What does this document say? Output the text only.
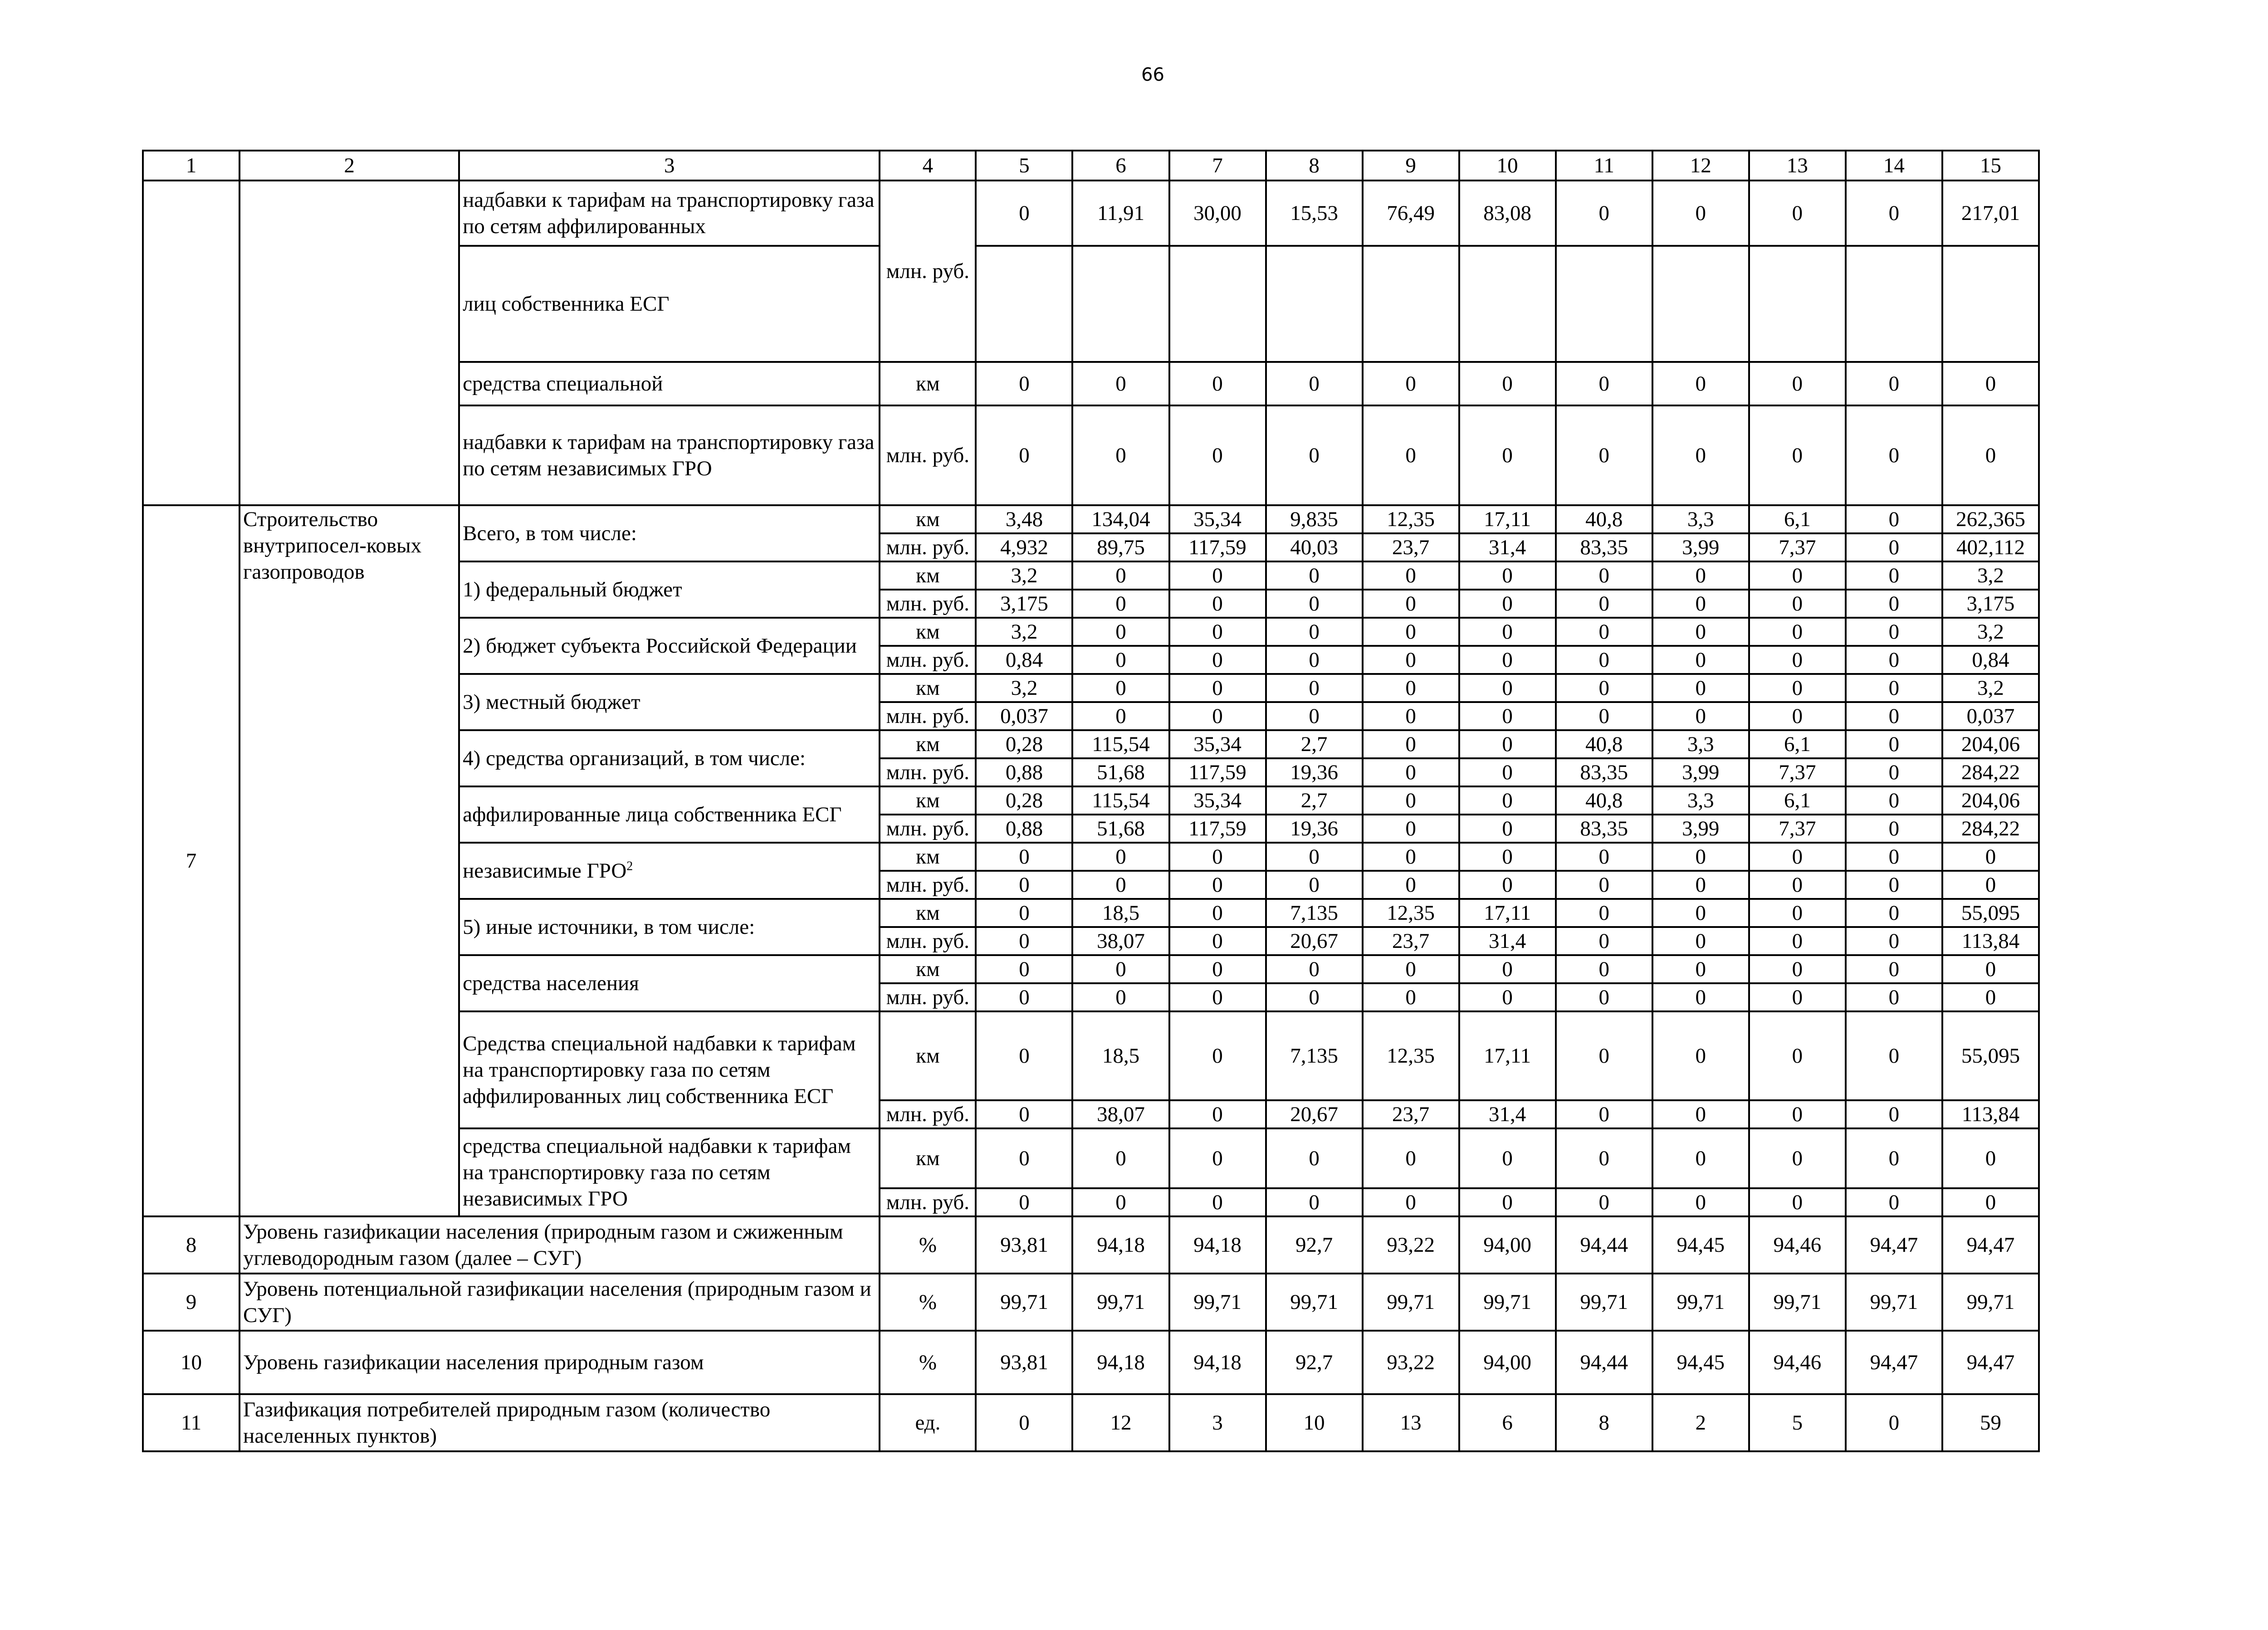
66
1	2	3	4	5	6	7	8	9	10	11	12	13	14	15
		надбавки к тарифам на транспортировку газа по сетям аффилированных	млн. руб.	0	11,91	30,00	15,53	76,49	83,08	0	0	0	0	217,01
		лиц собственника ЕСГ												
		средства специальной	км	0	0	0	0	0	0	0	0	0	0	0
		надбавки к тарифам на транспортировку газа по сетям независимых ГРО	млн. руб.	0	0	0	0	0	0	0	0	0	0	0
7	Строительство внутрипосел-ковых газопроводов	Всего, в том числе:	км	3,48	134,04	35,34	9,835	12,35	17,11	40,8	3,3	6,1	0	262,365
			млн. руб.	4,932	89,75	117,59	40,03	23,7	31,4	83,35	3,99	7,37	0	402,112
		1) федеральный бюджет	км	3,2	0	0	0	0	0	0	0	0	0	3,2
			млн. руб.	3,175	0	0	0	0	0	0	0	0	0	3,175
		2) бюджет субъекта Российской Федерации	км	3,2	0	0	0	0	0	0	0	0	0	3,2
			млн. руб.	0,84	0	0	0	0	0	0	0	0	0	0,84
		3) местный бюджет	км	3,2	0	0	0	0	0	0	0	0	0	3,2
			млн. руб.	0,037	0	0	0	0	0	0	0	0	0	0,037
		4) средства организаций, в том числе:	км	0,28	115,54	35,34	2,7	0	0	40,8	3,3	6,1	0	204,06
			млн. руб.	0,88	51,68	117,59	19,36	0	0	83,35	3,99	7,37	0	284,22
		аффилированные лица собственника ЕСГ	км	0,28	115,54	35,34	2,7	0	0	40,8	3,3	6,1	0	204,06
			млн. руб.	0,88	51,68	117,59	19,36	0	0	83,35	3,99	7,37	0	284,22
		независимые ГРО$^2$	км	0	0	0	0	0	0	0	0	0	0	0
			млн. руб.	0	0	0	0	0	0	0	0	0	0	0
		5) иные источники, в том числе:	км	0	18,5	0	7,135	12,35	17,11	0	0	0	0	55,095
			млн. руб.	0	38,07	0	20,67	23,7	31,4	0	0	0	0	113,84
		средства населения	км	0	0	0	0	0	0	0	0	0	0	0
			млн. руб.	0	0	0	0	0	0	0	0	0	0	0
		Средства специальной надбавки к тарифам на транспортировку газа по сетям аффилированных лиц собственника ЕСГ	км	0	18,5	0	7,135	12,35	17,11	0	0	0	0	55,095
			млн. руб.	0	38,07	0	20,67	23,7	31,4	0	0	0	0	113,84
		средства специальной надбавки к тарифам на транспортировку газа по сетям независимых ГРО	км	0	0	0	0	0	0	0	0	0	0	0
			млн. руб.	0	0	0	0	0	0	0	0	0	0	0
8	Уровень газификации населения (природным газом и сжиженным углеводородным газом (далее – СУГ)		%	93,81	94,18	94,18	92,7	93,22	94,00	94,44	94,45	94,46	94,47	94,47
9	Уровень потенциальной газификации населения (природным газом и СУГ)		%	99,71	99,71	99,71	99,71	99,71	99,71	99,71	99,71	99,71	99,71	99,71
10	Уровень газификации населения природным газом		%	93,81	94,18	94,18	92,7	93,22	94,00	94,44	94,45	94,46	94,47	94,47
11	Газификация потребителей природным газом (количество населенных пунктов)		ед.	0	12	3	10	13	6	8	2	5	0	59
